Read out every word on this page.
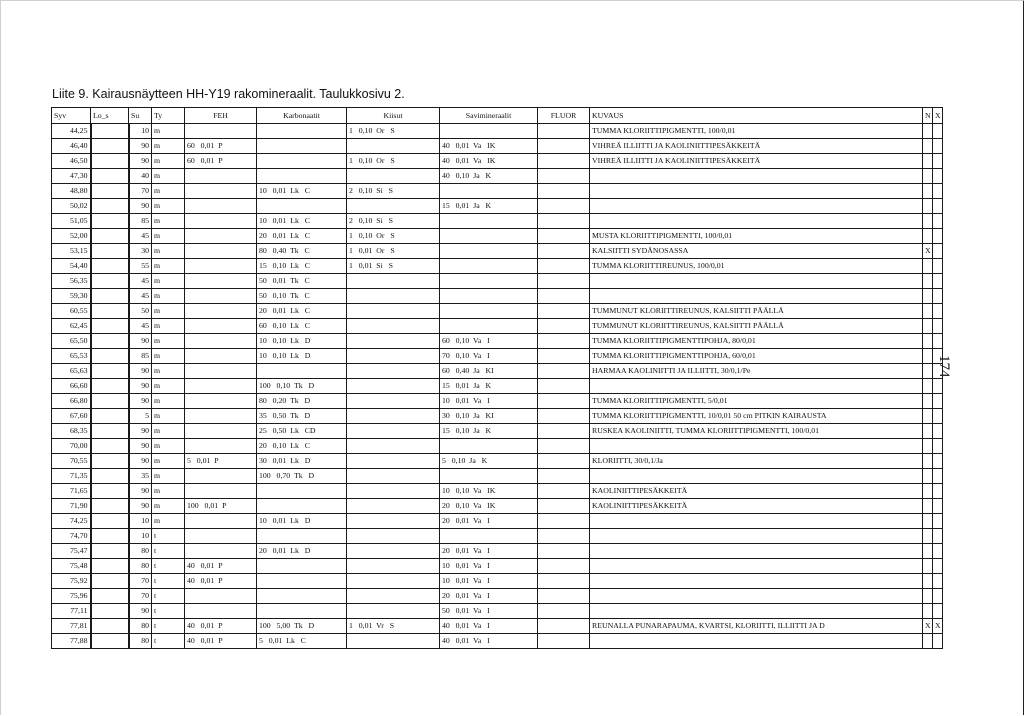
Liite 9. Kairausnäytteen HH-Y19 rakomineraalit. Taulukkosivu 2.
174
Syv	Lo_s	Su	Ty	FEH	Karbonaatit	Kiisut	Savimineraalit	FLUOR	KUVAUS	N	X
44,25		10	m			1   0,10  Or   S			TUMMA KLORIITTIPIGMENTTI, 100/0,01		
46,40		90	m	60   0,01  P			40   0,01  Va   IK		VIHREÄ ILLIITTI JA KAOLINIITTIPESÄKKEITÄ		
46,50		90	m	60   0,01  P		1   0,10  Or   S	40   0,01  Va   IK		VIHREÄ ILLIITTI JA KAOLINIITTIPESÄKKEITÄ		
47,30		40	m				40   0,10  Ja   K				
48,80		70	m		10   0,01  Lk   C	2   0,10  Si   S					
50,02		90	m				15   0,01  Ja   K				
51,05		85	m		10   0,01  Lk   C	2   0,10  Si   S					
52,00		45	m		20   0,01  Lk   C	1   0,10  Or   S			MUSTA KLORIITTIPIGMENTTI, 100/0,01		
53,15		30	m		80   0,40  Tk   C	1   0,01  Or   S			KALSIITTI SYDÄNOSASSA	X	
54,40		55	m		15   0,10  Lk   C	1   0,01  Si   S			TUMMA KLORIITTIREUNUS, 100/0,01		
56,35		45	m		50   0,01  Tk   C						
59,30		45	m		50   0,10  Tk   C						
60,55		50	m		20   0,01  Lk   C				TUMMUNUT KLORIITTIREUNUS, KALSIITTI PÄÄLLÄ		
62,45		45	m		60   0,10  Lk   C				TUMMUNUT KLORIITTIREUNUS, KALSIITTI PÄÄLLÄ		
65,50		90	m		10   0,10  Lk   D		60   0,10  Va   I		TUMMA KLORIITTIPIGMENTTIPOHJA, 80/0,01		
65,53		85	m		10   0,10  Lk   D		70   0,10  Va   I		TUMMA KLORIITTIPIGMENTTIPOHJA, 60/0,01		
65,63		90	m				60   0,40  Ja   KI		HARMAA KAOLINIITTI JA ILLIITTI, 30/0,1/Pe		
66,60		90	m		100   0,10  Tk   D		15   0,01  Ja   K				
66,80		90	m		80   0,20  Tk   D		10   0,01  Va   I		TUMMA KLORIITTIPIGMENTTI, 5/0,01		
67,60		5	m		35   0,50  Tk   D		30   0,10  Ja   KI		TUMMA KLORIITTIPIGMENTTI, 10/0,01 50 cm PITKIN KAIRAUSTA		
68,35		90	m		25   0,50  Lk   CD		15   0,10  Ja   K		RUSKEA KAOLINIITTI, TUMMA KLORIITTIPIGMENTTI, 100/0,01		
70,00		90	m		20   0,10  Lk   C						
70,55		90	m	5   0,01  P	30   0,01  Lk   D		5   0,10  Ja   K		KLORIITTI, 30/0,1/Ja		
71,35		35	m		100   0,70  Tk   D						
71,65		90	m				10   0,10  Va   IK		KAOLINIITTIPESÄKKEITÄ		
71,90		90	m	100   0,01  P			20   0,10  Va   IK		KAOLINIITTIPESÄKKEITÄ		
74,25		10	m		10   0,01  Lk   D		20   0,01  Va   I				
74,70		10	t								
75,47		80	t		20   0,01  Lk   D		20   0,01  Va   I				
75,48		80	t	40   0,01  P			10   0,01  Va   I				
75,92		70	t	40   0,01  P			10   0,01  Va   I				
75,96		70	t				20   0,01  Va   I				
77,11		90	t				50   0,01  Va   I				
77,81		80	t	40   0,01  P	100   5,00  Tk   D	1   0,01  Vr   S	40   0,01  Va   I		REUNALLA PUNARAPAUMA, KVARTSI, KLORIITTI, ILLIITTI JA D	X	X
77,88		80	t	40   0,01  P	5   0,01  Lk   C		40   0,01  Va   I				
